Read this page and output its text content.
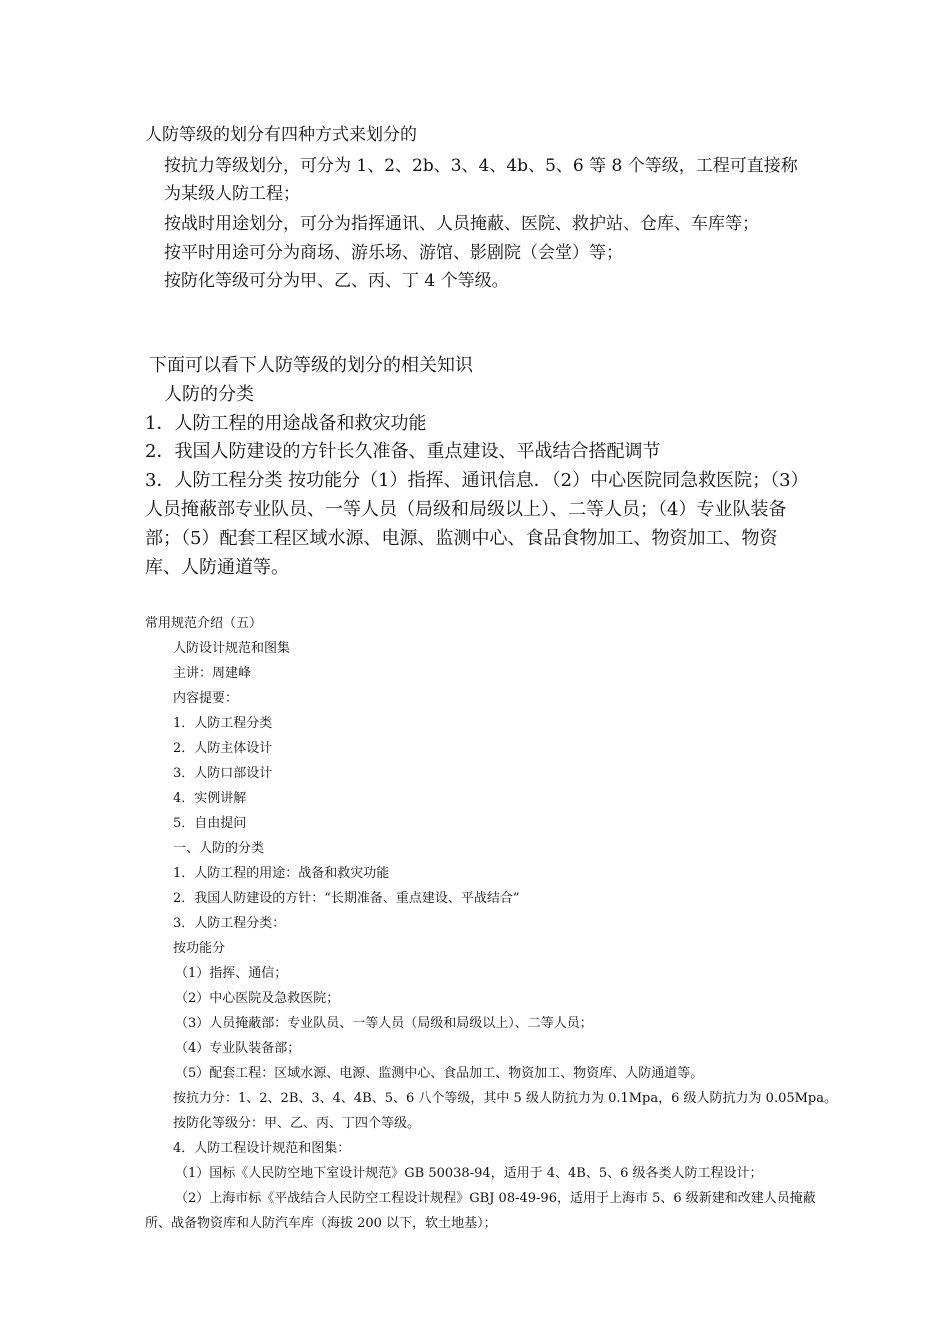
人防等级的划分有四种方式来划分的

按抗力等级划分，可分为 1、2、2b、3、4、4b、5、6 等 8 个等级，工程可直接称为某级人防工程；

按战时用途划分，可分为指挥通讯、人员掩蔽、医院、救护站、仓库、车库等；

按平时用途可分为商场、游乐场、游馆、影剧院（会堂）等；

按防化等级可分为甲、乙、丙、丁 4 个等级。

下面可以看下人防等级的划分的相关知识

人防的分类

1．人防工程的用途战备和救灾功能

2．我国人防建设的方针长久准备、重点建设、平战结合搭配调节

3．人防工程分类 按功能分（1）指挥、通讯信息．（2）中心医院同急救医院；（3）人员掩蔽部专业队员、一等人员（局级和局级以上）、二等人员；（4）专业队装备部；（5）配套工程区域水源、电源、监测中心、食品食物加工、物资加工、物资库、人防通道等。

常用规范介绍（五）

人防设计规范和图集

主讲：周建峰

内容提要：

1．人防工程分类

2．人防主体设计

3．人防口部设计

4．实例讲解

5．自由提问

一、人防的分类

1．人防工程的用途：战备和救灾功能

2．我国人防建设的方针：“长期准备、重点建设、平战结合”

3．人防工程分类：

按功能分

（1）指挥、通信；

（2）中心医院及急救医院；

（3）人员掩蔽部：专业队员、一等人员（局级和局级以上）、二等人员；

（4）专业队装备部；

（5）配套工程：区域水源、电源、监测中心、食品加工、物资加工、物资库、人防通道等。

按抗力分：1、2、2B、3、4、4B、5、6 八个等级，其中 5 级人防抗力为 0.1Mpa，6 级人防抗力为 0.05Mpa。

按防化等级分：甲、乙、丙、丁四个等级。

4．人防工程设计规范和图集：

（1）国标《人民防空地下室设计规范》GB 50038-94，适用于 4、4B、5、6 级各类人防工程设计；

（2）上海市标《平战结合人民防空工程设计规程》GBJ 08-49-96，适用于上海市 5、6 级新建和改建人员掩蔽所、战备物资库和人防汽车库（海拔 200 以下，软土地基）；
